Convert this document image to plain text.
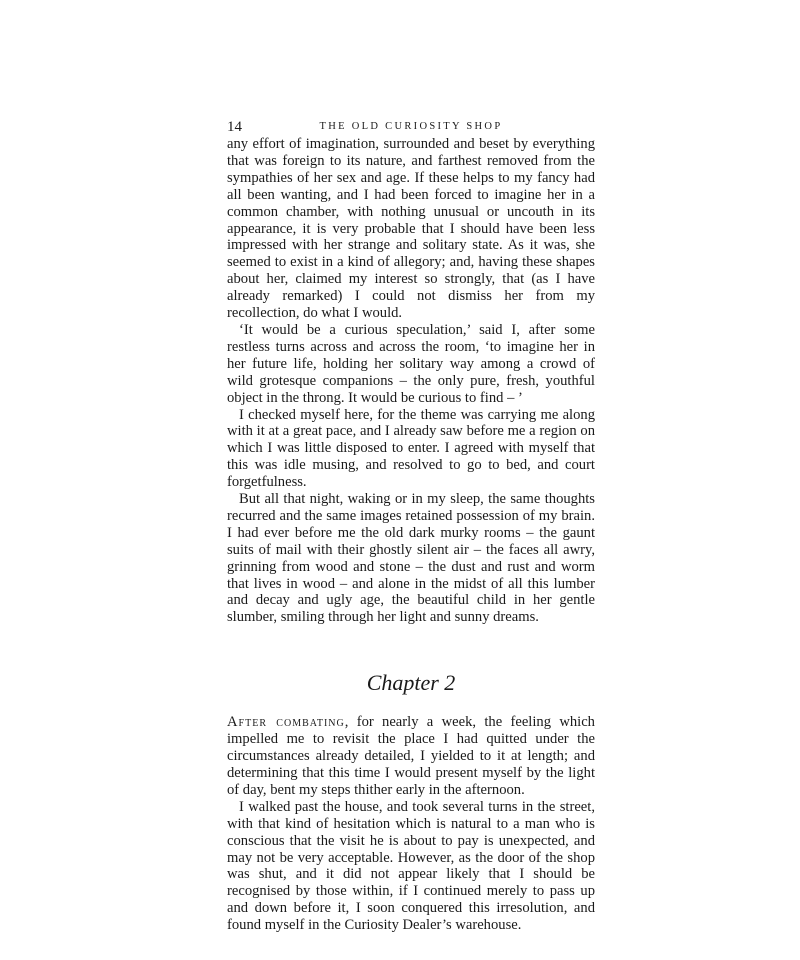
14	THE OLD CURIOSITY SHOP

any effort of imagination, surrounded and beset by everything that was foreign to its nature, and farthest removed from the sympathies of her sex and age. If these helps to my fancy had all been wanting, and I had been forced to imagine her in a common chamber, with nothing unusual or uncouth in its appearance, it is very probable that I should have been less impressed with her strange and solitary state. As it was, she seemed to exist in a kind of allegory; and, having these shapes about her, claimed my interest so strongly, that (as I have already remarked) I could not dismiss her from my recollection, do what I would.

‘It would be a curious speculation,’ said I, after some restless turns across and across the room, ‘to imagine her in her future life, holding her solitary way among a crowd of wild grotesque companions – the only pure, fresh, youthful object in the throng. It would be curious to find – ’

I checked myself here, for the theme was carrying me along with it at a great pace, and I already saw before me a region on which I was little disposed to enter. I agreed with myself that this was idle musing, and resolved to go to bed, and court forgetfulness.

But all that night, waking or in my sleep, the same thoughts recurred and the same images retained possession of my brain. I had ever before me the old dark murky rooms – the gaunt suits of mail with their ghostly silent air – the faces all awry, grinning from wood and stone – the dust and rust and worm that lives in wood – and alone in the midst of all this lumber and decay and ugly age, the beautiful child in her gentle slumber, smiling through her light and sunny dreams.

Chapter 2

After combating, for nearly a week, the feeling which impelled me to revisit the place I had quitted under the circumstances already detailed, I yielded to it at length; and determining that this time I would present myself by the light of day, bent my steps thither early in the afternoon.

I walked past the house, and took several turns in the street, with that kind of hesitation which is natural to a man who is conscious that the visit he is about to pay is unexpected, and may not be very acceptable. However, as the door of the shop was shut, and it did not appear likely that I should be recognised by those within, if I continued merely to pass up and down before it, I soon conquered this irresolution, and found myself in the Curiosity Dealer’s warehouse.
